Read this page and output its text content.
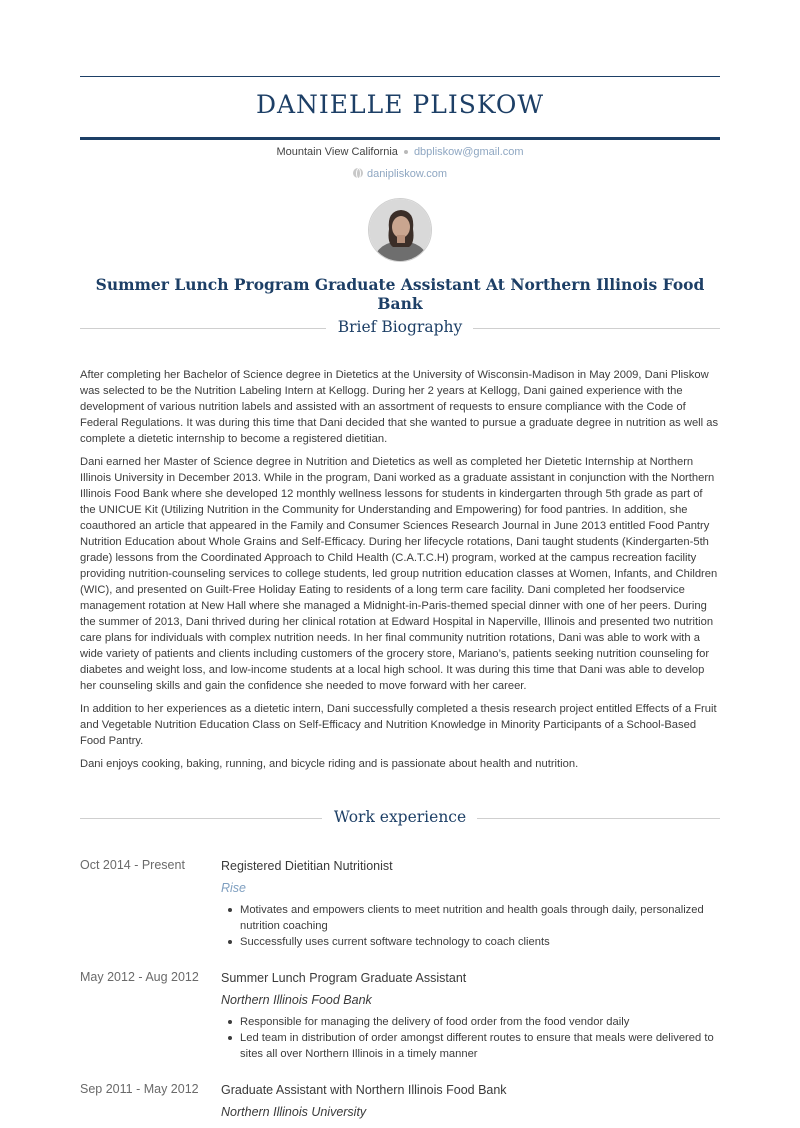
DANIELLE PLISKOW
Mountain View California dbpliskow@gmail.com
danipliskow.com
Summer Lunch Program Graduate Assistant At Northern Illinois Food Bank
Brief Biography

After completing her Bachelor of Science degree in Dietetics at the University of Wisconsin-Madison in May 2009, Dani Pliskow was selected to be the Nutrition Labeling Intern at Kellogg. During her 2 years at Kellogg, Dani gained experience with the development of various nutrition labels and assisted with an assortment of requests to ensure compliance with the Code of Federal Regulations. It was during this time that Dani decided that she wanted to pursue a graduate degree in nutrition as well as complete a dietetic internship to become a registered dietitian.

Dani earned her Master of Science degree in Nutrition and Dietetics as well as completed her Dietetic Internship at Northern Illinois University in December 2013. While in the program, Dani worked as a graduate assistant in conjunction with the Northern Illinois Food Bank where she developed 12 monthly wellness lessons for students in kindergarten through 5th grade as part of the UNICUE Kit (Utilizing Nutrition in the Community for Understanding and Empowering) for food pantries. In addition, she coauthored an article that appeared in the Family and Consumer Sciences Research Journal in June 2013 entitled Food Pantry Nutrition Education about Whole Grains and Self-Efficacy. During her lifecycle rotations, Dani taught students (Kindergarten-5th grade) lessons from the Coordinated Approach to Child Health (C.A.T.C.H) program, worked at the campus recreation facility providing nutrition-counseling services to college students, led group nutrition education classes at Women, Infants, and Children (WIC), and presented on Guilt-Free Holiday Eating to residents of a long term care facility. Dani completed her foodservice management rotation at New Hall where she managed a Midnight-in-Paris-themed special dinner with one of her peers. During the summer of 2013, Dani thrived during her clinical rotation at Edward Hospital in Naperville, Illinois and presented two nutrition care plans for individuals with complex nutrition needs. In her final community nutrition rotations, Dani was able to work with a wide variety of patients and clients including customers of the grocery store, Mariano’s, patients seeking nutrition counseling for diabetes and weight loss, and low-income students at a local high school. It was during this time that Dani was able to develop her counseling skills and gain the confidence she needed to move forward with her career.

In addition to her experiences as a dietetic intern, Dani successfully completed a thesis research project entitled Effects of a Fruit and Vegetable Nutrition Education Class on Self-Efficacy and Nutrition Knowledge in Minority Participants of a School-Based Food Pantry.

Dani enjoys cooking, baking, running, and bicycle riding and is passionate about health and nutrition.

Work experience
Oct 2014 - Present	Registered Dietitian Nutritionist
Rise
Motivates and empowers clients to meet nutrition and health goals through daily, personalized nutrition coaching
Successfully uses current software technology to coach clients
May 2012 - Aug 2012 Summer Lunch Program Graduate Assistant
Northern Illinois Food Bank
Responsible for managing the delivery of food order from the food vendor daily
Led team in distribution of order amongst different routes to ensure that meals were delivered to sites all over Northern Illinois in a timely manner
Sep 2011 - May 2012 Graduate Assistant with Northern Illinois Food Bank
Northern Illinois University
